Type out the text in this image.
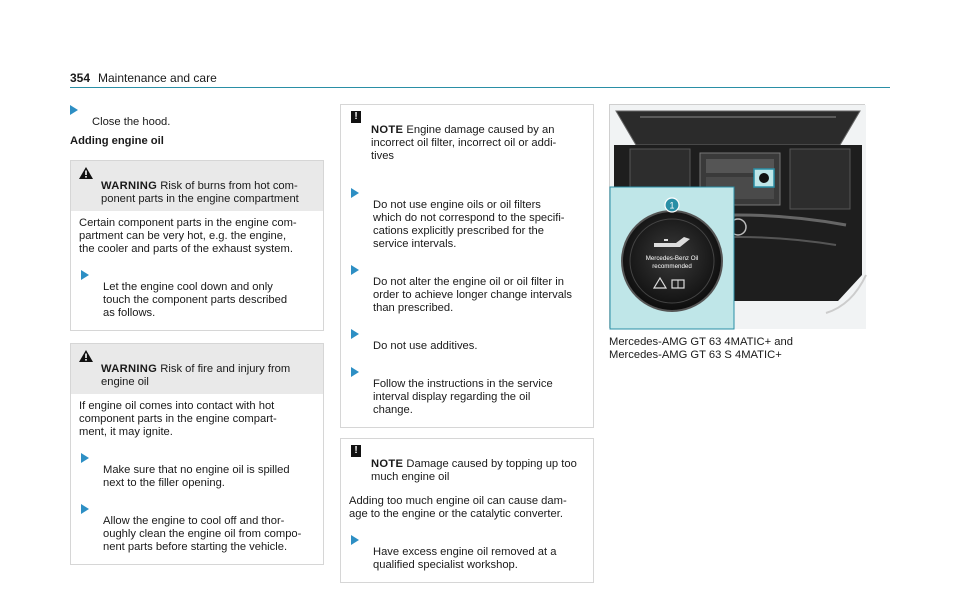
354 Maintenance and care

Close the hood.

Adding engine oil

WARNING Risk of burns from hot com-
ponent parts in the engine compartment

Certain component parts in the engine com-
partment can be very hot, e.g. the engine,
the cooler and parts of the exhaust system.

Let the engine cool down and only
touch the component parts described
as follows.

WARNING Risk of fire and injury from
engine oil

If engine oil comes into contact with hot
component parts in the engine compart-
ment, it may ignite.

Make sure that no engine oil is spilled
next to the filler opening.

Allow the engine to cool off and thor-
oughly clean the engine oil from compo-
nent parts before starting the vehicle.

!
NOTE Engine damage caused by an
incorrect oil filter, incorrect oil or addi-
tives

Do not use engine oils or oil filters
which do not correspond to the specifi-
cations explicitly prescribed for the
service intervals.

Do not alter the engine oil or oil filter in
order to achieve longer change intervals
than prescribed.

Do not use additives.

Follow the instructions in the service
interval display regarding the oil
change.

!
NOTE Damage caused by topping up too
much engine oil

Adding too much engine oil can cause dam-
age to the engine or the catalytic converter.

Have excess engine oil removed at a
qualified specialist workshop.

Mercedes-Benz Oil
recommended
1
Mercedes-AMG GT 63 4MATIC+ and
Mercedes-AMG GT 63 S 4MATIC+
